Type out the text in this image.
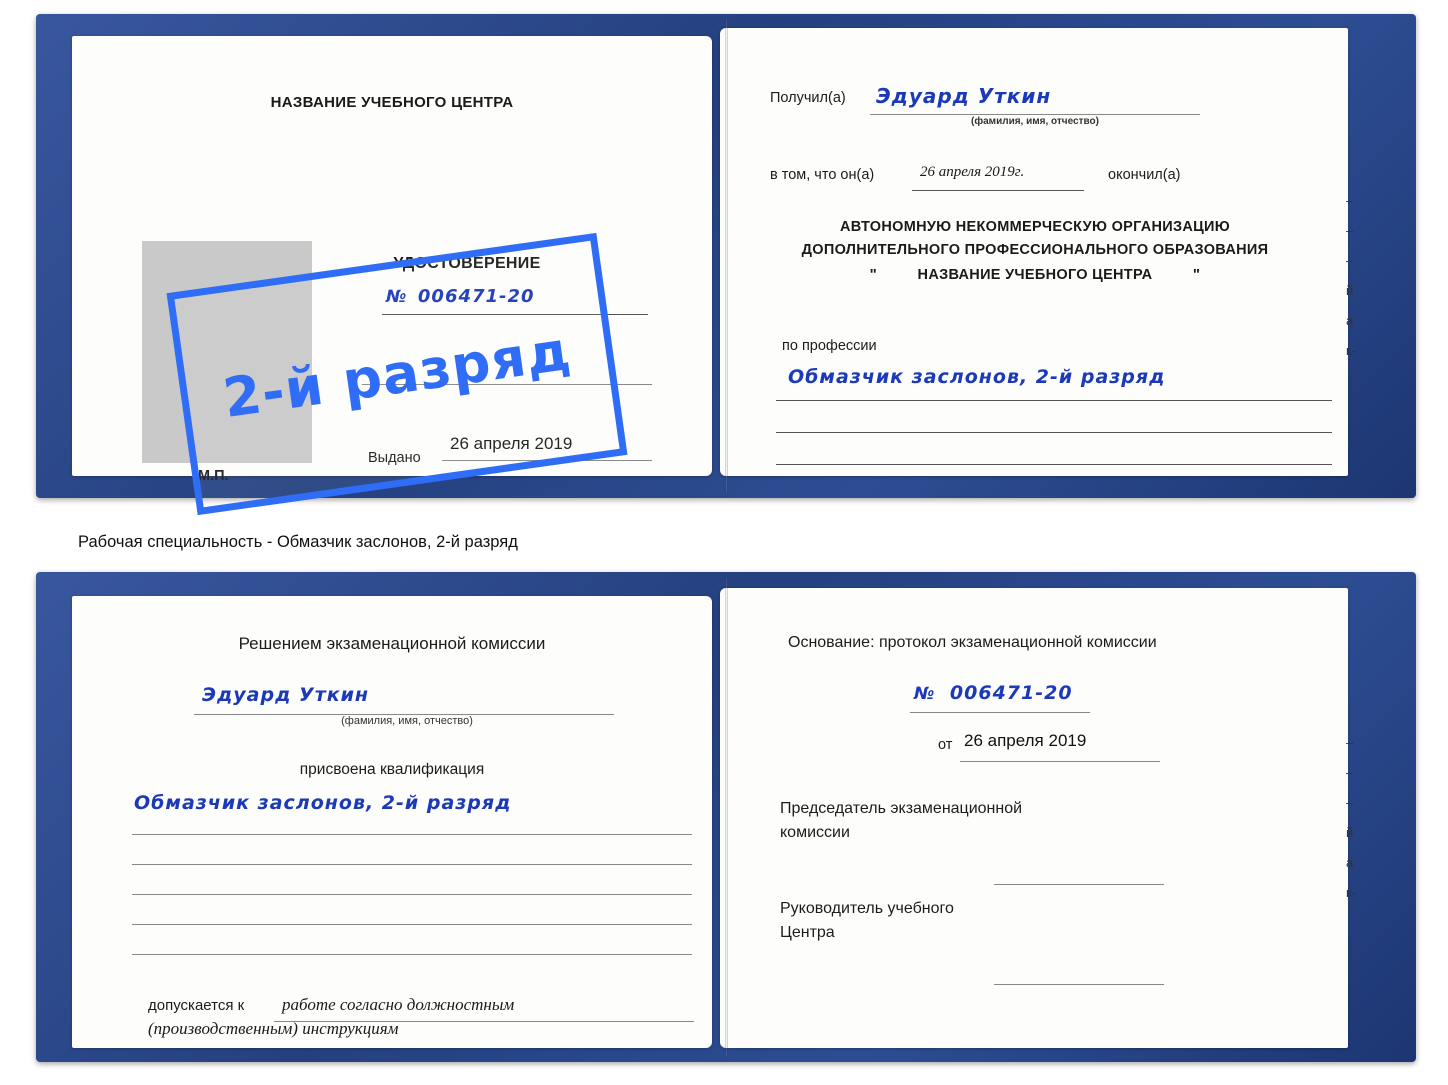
НАЗВАНИЕ УЧЕБНОГО ЦЕНТРА
УДОСТОВЕРЕНИЕ
№ 006471-20
Выдано
26 апреля 2019
М.П.
Получил(а) Эдуард Уткин
(фамилия, имя, отчество)
в том, что он(а)	26 апреля 2019г.	окончил(а)
АВТОНОМНУЮ НЕКОММЕРЧЕСКУЮ ОРГАНИЗАЦИЮ
ДОПОЛНИТЕЛЬНОГО ПРОФЕССИОНАЛЬНОГО ОБРАЗОВАНИЯ
"	НАЗВАНИЕ УЧЕБНОГО ЦЕНТРА	"
по профессии
Обмазчик заслонов, 2-й разряд
2-й разряд
–
–
–
й
а
к-
Рабочая специальность - Обмазчик заслонов, 2-й разряд
Решением экзаменационной комиссии
Эдуард Уткин
(фамилия, имя, отчество)
присвоена квалификация
Обмазчик заслонов, 2-й разряд
допускается к работе согласно должностным
(производственным) инструкциям
Основание: протокол экзаменационной комиссии
№ 006471-20
от 26 апреля 2019
Председатель экзаменационной
комиссии
Руководитель учебного
Центра
–
–
–
й
а
к-
